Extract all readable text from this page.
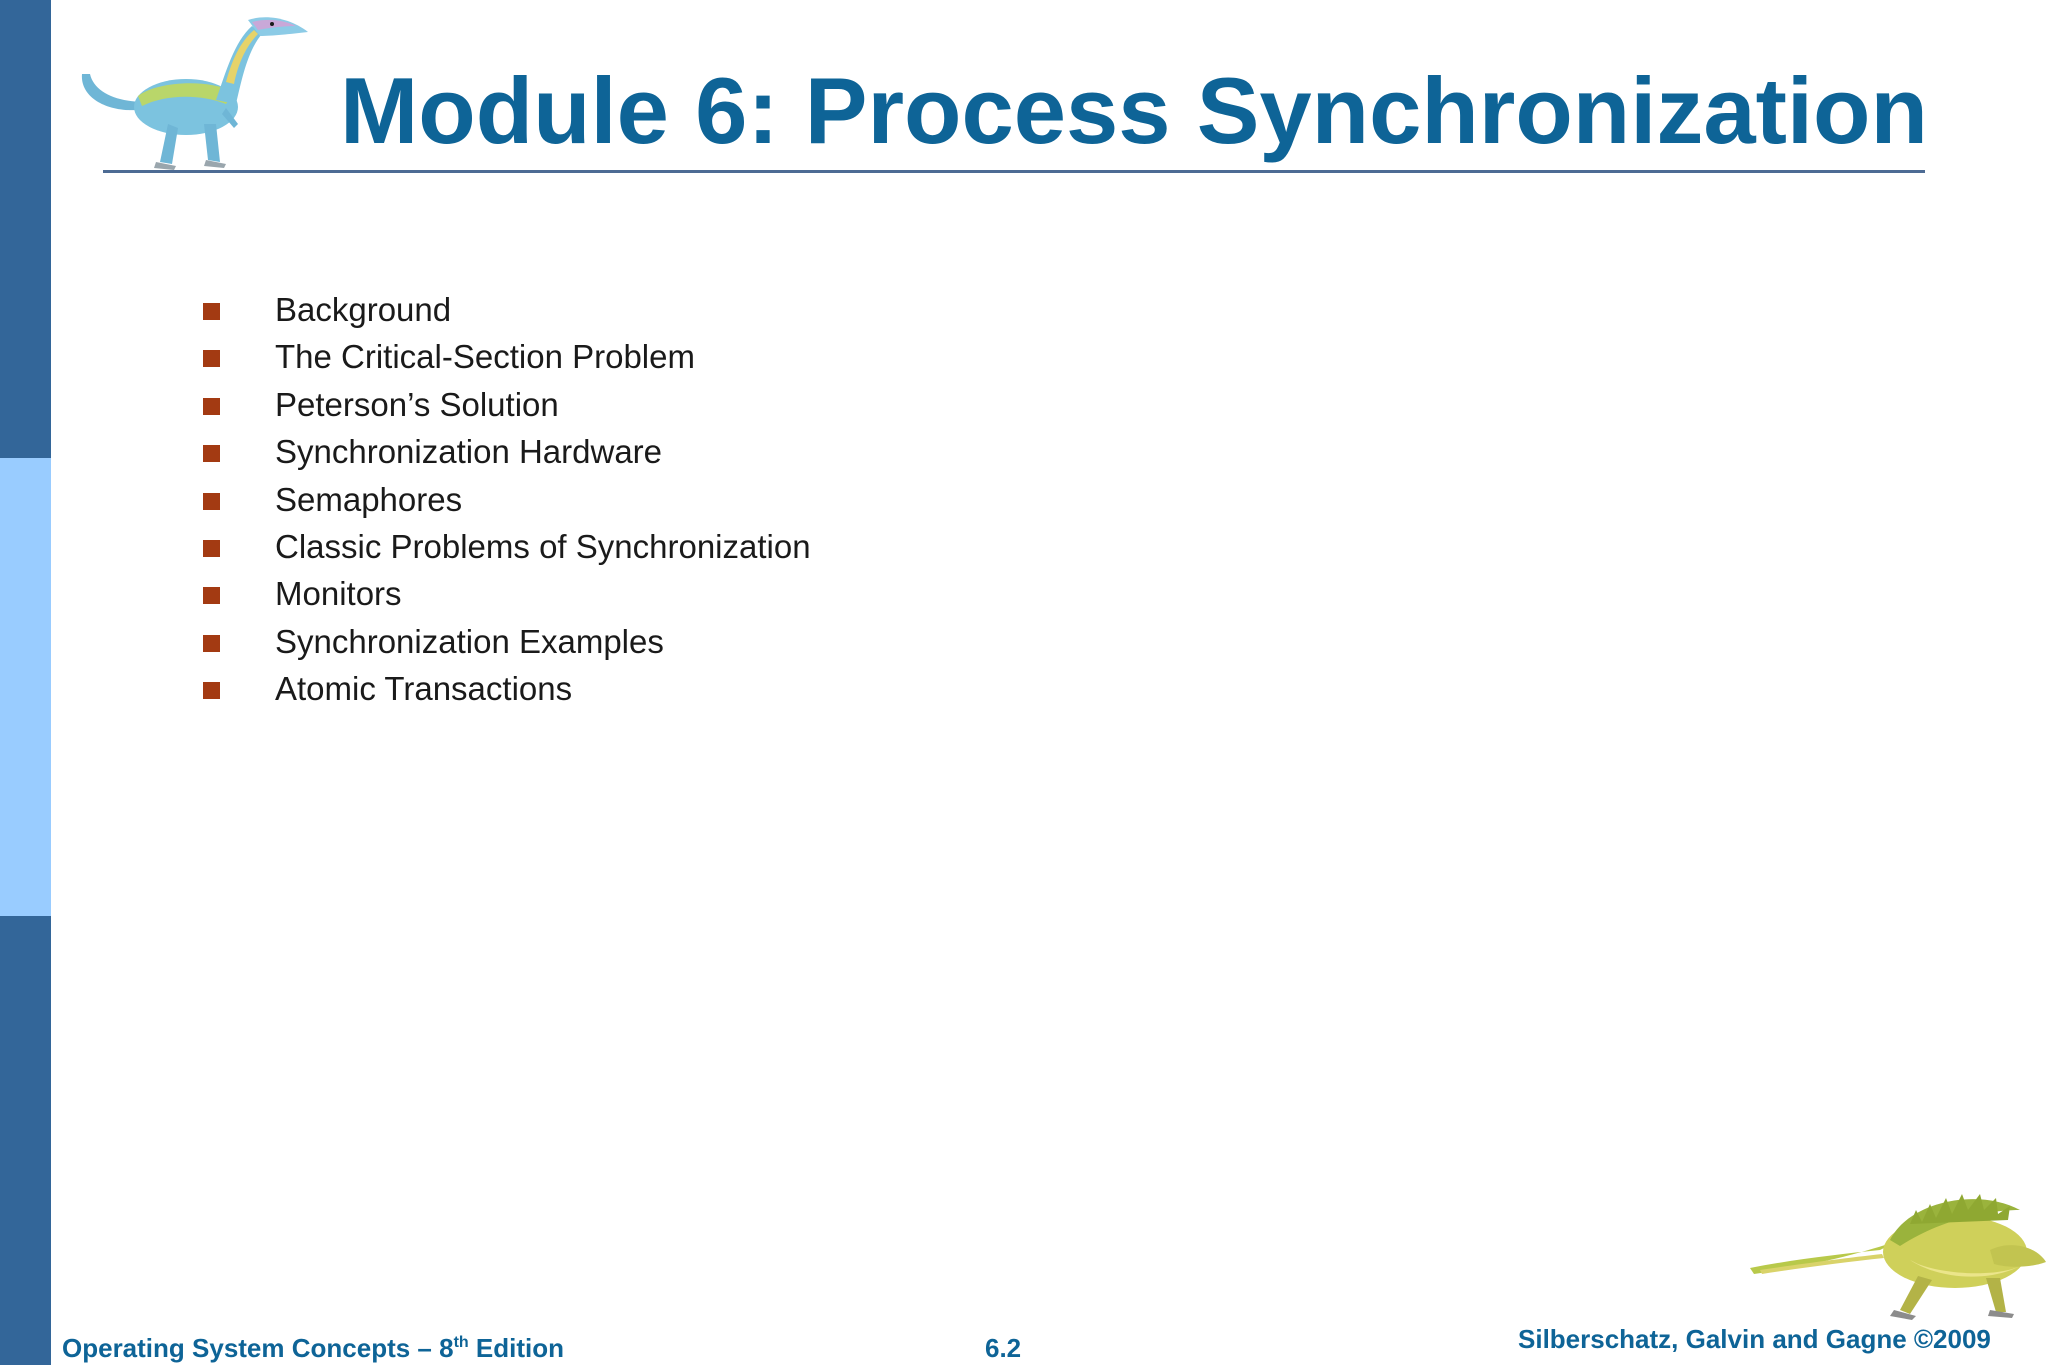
Module 6: Process Synchronization
Background
The Critical-Section Problem
Peterson’s Solution
Synchronization Hardware
Semaphores
Classic Problems of Synchronization
Monitors
Synchronization Examples
Atomic Transactions
Operating System Concepts – 8th Edition	6.2	Silberschatz, Galvin and Gagne ©2009
